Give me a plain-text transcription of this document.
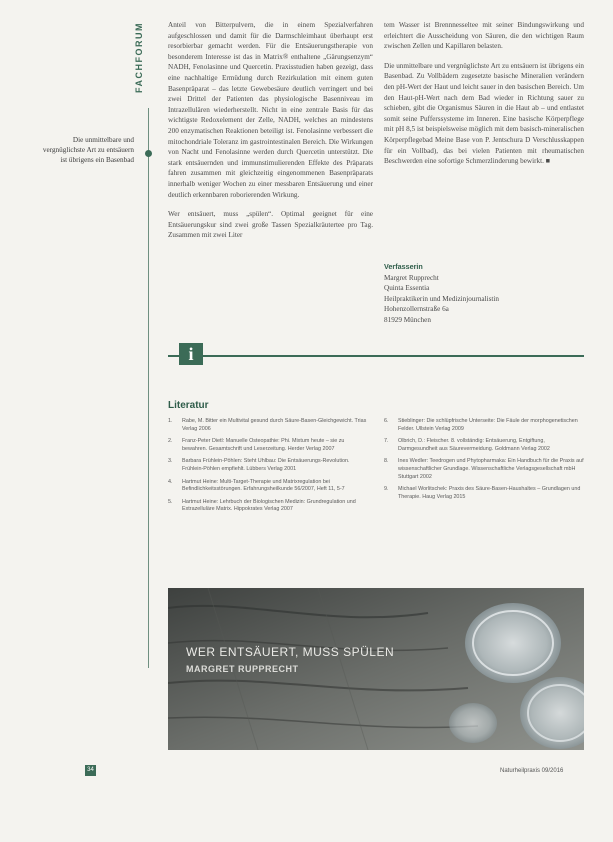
FACHFORUM
Die unmittelbare und vergnüglichste Art zu entsäuern ist übrigens ein Basenbad

Anteil von Bitterpulvern, die in einem Spezialverfahren aufgeschlossen und damit für die Darmschleimhaut überhaupt erst resorbierbar gemacht werden. Für die Entsäuerungstherapie von besonderem Interesse ist das in Matrix® enthaltene „Gärungsenzym“ NADH, Fenolasinne und Quercetin. Praxisstudien haben gezeigt, dass eine nachhaltige Ermüdung durch Rezirkulation mit einem guten Basenpräparat – das letzte Gewebesäure deutlich verringert und bei zwei Drittel der Patienten das physiologische Basenniveau im Intrazellulären wiederherstellt. Nicht in eine zentrale Basis für das wichtigste Redoxelement der Zelle, NADH, welches an mindestens 200 enzymatischen Reaktionen beteiligt ist. Fenolasinne verbessert die mitochondriale Toleranz im gastrointestinalen Bereich. Die Wirkungen von Nacht und Fenolasinne werden durch Quercetin unterstützt. Die stark entsäuernden und immunstimulierenden Effekte des Präparats fahren zusammen mit gleichzeitig eingenommenen Basenpräparats innerhalb weniger Wochen zu einer messbaren Entsäuerung und einer deutlich erkennbaren roborierenden Wirkung.

Wer entsäuert, muss „spülen“. Optimal geeignet für eine Entsäuerungskur sind zwei große Tassen Spezialkräutertee pro Tag. Zusammen mit zwei Liter

tem Wasser ist Brennnesseltee mit seiner Bindungswirkung und erleichtert die Ausscheidung von Säuren, die den wichtigen Raum zwischen Zellen und Kapillaren belasten.

Die unmittelbare und vergnüglichste Art zu entsäuern ist übrigens ein Basenbad. Zu Vollbädern zugesetzte basische Mineralien verändern den pH-Wert der Haut und leicht sauer in den basischen Bereich. Um den Haut-pH-Wert nach dem Bad wieder in Richtung sauer zu schieben, gibt die Organismus Säuren in die Haut ab – und entlastet somit seine Pufferssysteme im Inneren. Eine basische Körperpflege mit pH 8,5 ist beispielsweise möglich mit dem basisch-mineralischen Körperpflegebad Meine Base von P. Jentschura D Verschlusskappen für ein Vollbad), das bei vielen Patienten mit rheumatischen Beschwerden eine sofortige Schmerzlinderung bewirkt. ■

Verfasserin
Margret Rupprecht
Quinta Essentia
Heilpraktikerin und Medizinjournalistin
Hohenzollernstraße 6a
81929 München
i
Literatur
1. Rabe, M. Bitter ein Multivital gesund durch Säure-Basen-Gleichgewicht. Trias Verlag 2006
2. Franz-Peter Dietl: Manuelle Osteopathie: Phi. Mixtum heute – sie zu bewahren. Gesamtschrift und Leserzeitung. Herder Verlag 2007
3. Barbara Frühlein-Pöhlen: Steht Uhlbau: Die Entsäuerungs-Revolution. Frühlein-Pöhlen empfiehlt. Lübbers Verlag 2001
4. Hartmut Heine: Multi-Target-Therapie und Matrixregulation bei Befindlichkeitsstörungen. Erfahrungsheilkunde 56/2007, Heft 11, 5-7
5. Hartmut Heine: Lehrbuch der Biologischen Medizin: Grundregulation und Extrazelluläre Matrix. Hippokrates Verlag 2007
6. Stieblinger: Die schlüpfrische Unterseite: Die Fäule der morphogenetischen Felder. Ullstein Verlag 2009
7. Olbrich, D.: Fleischer. 8. vollständig: Entsäuerung, Entgiftung, Darmgesundheit aus Säurevermeidung. Goldmann Verlag 2002
8. Ines Wedler: Teedrogen und Phytopharmaka: Ein Handbuch für die Praxis auf wissenschaftlicher Grundlage. Wissenschaftliche Verlagsgesellschaft mbH Stuttgart 2002
9. Michael Worlitschek: Praxis des Säure-Basen-Haushaltes – Grundlagen und Therapie. Haug Verlag 2015
WER ENTSÄUERT, MUSS SPÜLEN
MARGRET RUPPRECHT
34	Naturheilpraxis 09/2016
